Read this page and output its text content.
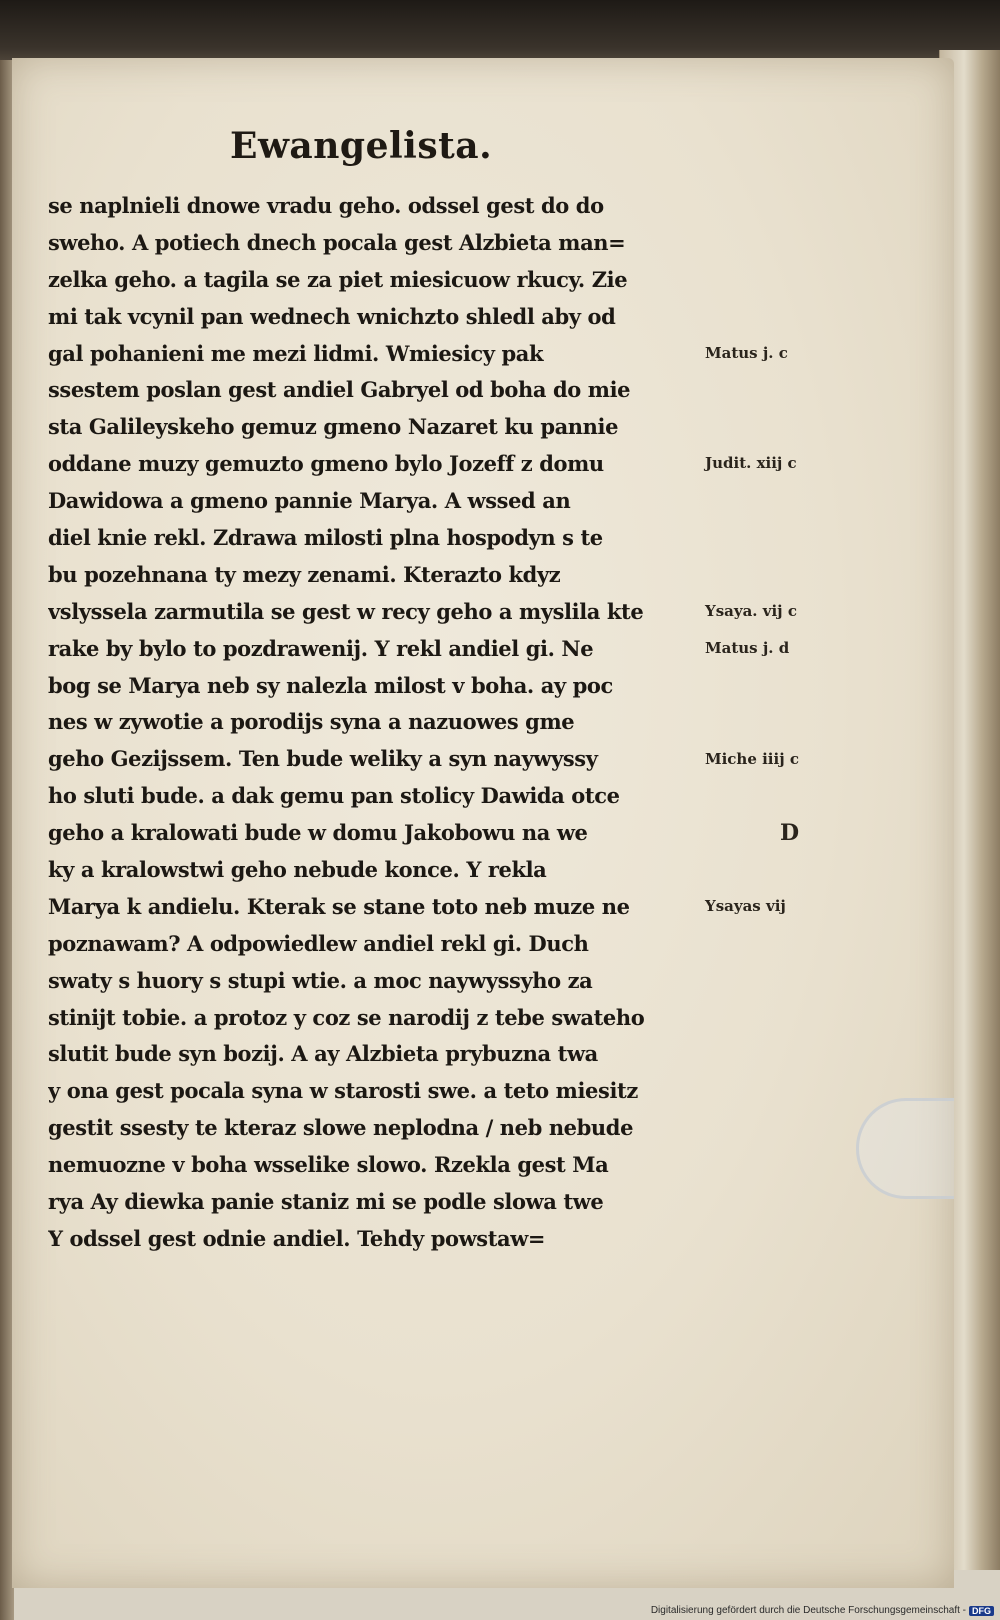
Ewangelista.
se naplnieli dnowe vradu geho. odssel gest do do
sweho. A potiech dnech pocala gest Alzbieta man=
zelka geho. a tagila se za piet miesicuow rkucy. Zie
mi tak vcynil pan wednech wnichzto shledl aby od
gal pohanieni me mezi lidmi. Wmiesicy pak
ssestem poslan gest andiel Gabryel od boha do mie
sta Galileyskeho gemuz gmeno Nazaret ku pannie
oddane muzy gemuzto gmeno bylo Jozeff z domu
Dawidowa a gmeno pannie Marya. A wssed an
diel knie rekl. Zdrawa milosti plna hospodyn s te
bu pozehnana ty mezy zenami. Kterazto kdyz
vslyssela zarmutila se gest w recy geho a myslila kte
rake by bylo to pozdrawenij. Y rekl andiel gi. Ne
bog se Marya neb sy nalezla milost v boha. ay poc
nes w zywotie a porodijs syna a nazuowes gme
geho Gezijssem. Ten bude weliky a syn naywyssy
ho sluti bude. a dak gemu pan stolicy Dawida otce
geho a kralowati bude w domu Jakobowu na we
ky a kralowstwi geho nebude konce. Y rekla
Marya k andielu. Kterak se stane toto neb muze ne
poznawam? A odpowiedlew andiel rekl gi. Duch
swaty s huory s stupi wtie. a moc naywyssyho za
stinijt tobie. a protoz y coz se narodij z tebe swateho
slutit bude syn bozij. A ay Alzbieta prybuzna twa
y ona gest pocala syna w starosti swe. a teto miesitz
gestit ssesty te kteraz slowe neplodna / neb nebude
nemuozne v boha wsselike slowo. Rzekla gest Ma
rya Ay diewka panie staniz mi se podle slowa twe
Y odssel gest odnie andiel. Tehdy powstaw=
Matus j. c
Judit. xiij c
Ysaya. vij c
Matus j. d
Miche iiij c
Ysayas vij
D
Digitalisierung gefördert durch die Deutsche Forschungsgemeinschaft - DFG
